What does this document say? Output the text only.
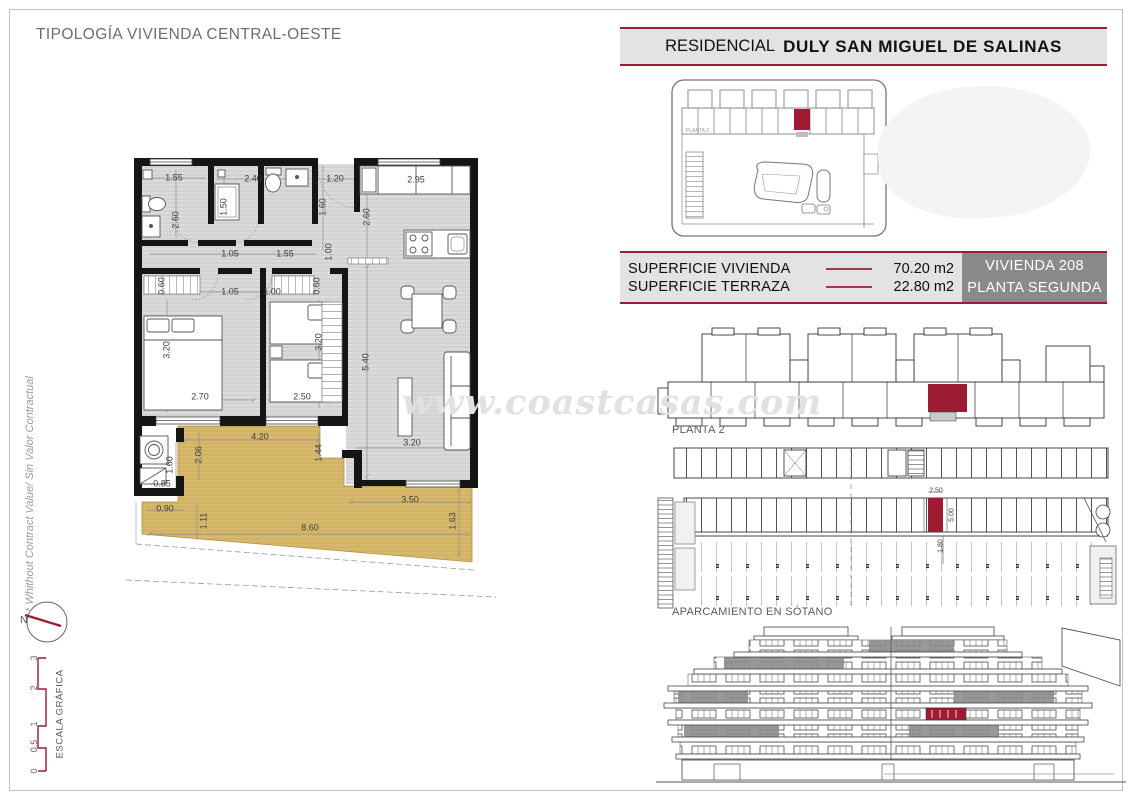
TIPOLOGÍA VIVIENDA CENTRAL-OESTE
* Whithout Contract Value/ Sin Valor Contractual	www.coastcasas.com
RESIDENCIAL DULY SAN MIGUEL DE SALINAS
PLANTA 2
SUPERFICIE VIVIENDA	70.20 m2
SUPERFICIE TERRAZA	22.80 m2
VIVIENDA 208
PLANTA SEGUNDA
PLANTA 2
2.50
5.00
1.80
APARCAMIENTO EN SÓTANO
1.55	2.40	1.20	2.95
2.60
1.50	1.60
2.60
1.00
1.05	1.55
0.60	1.05	1.00	0.60
3.20	3.20
5.40
2.70	2.50
4.20
2.06	1.44
1.60
0.85
3.20
0.90
1.11	8.60
3.50
1.63
N
0
0,5
1
2
3
ESCALA GRÁFICA
